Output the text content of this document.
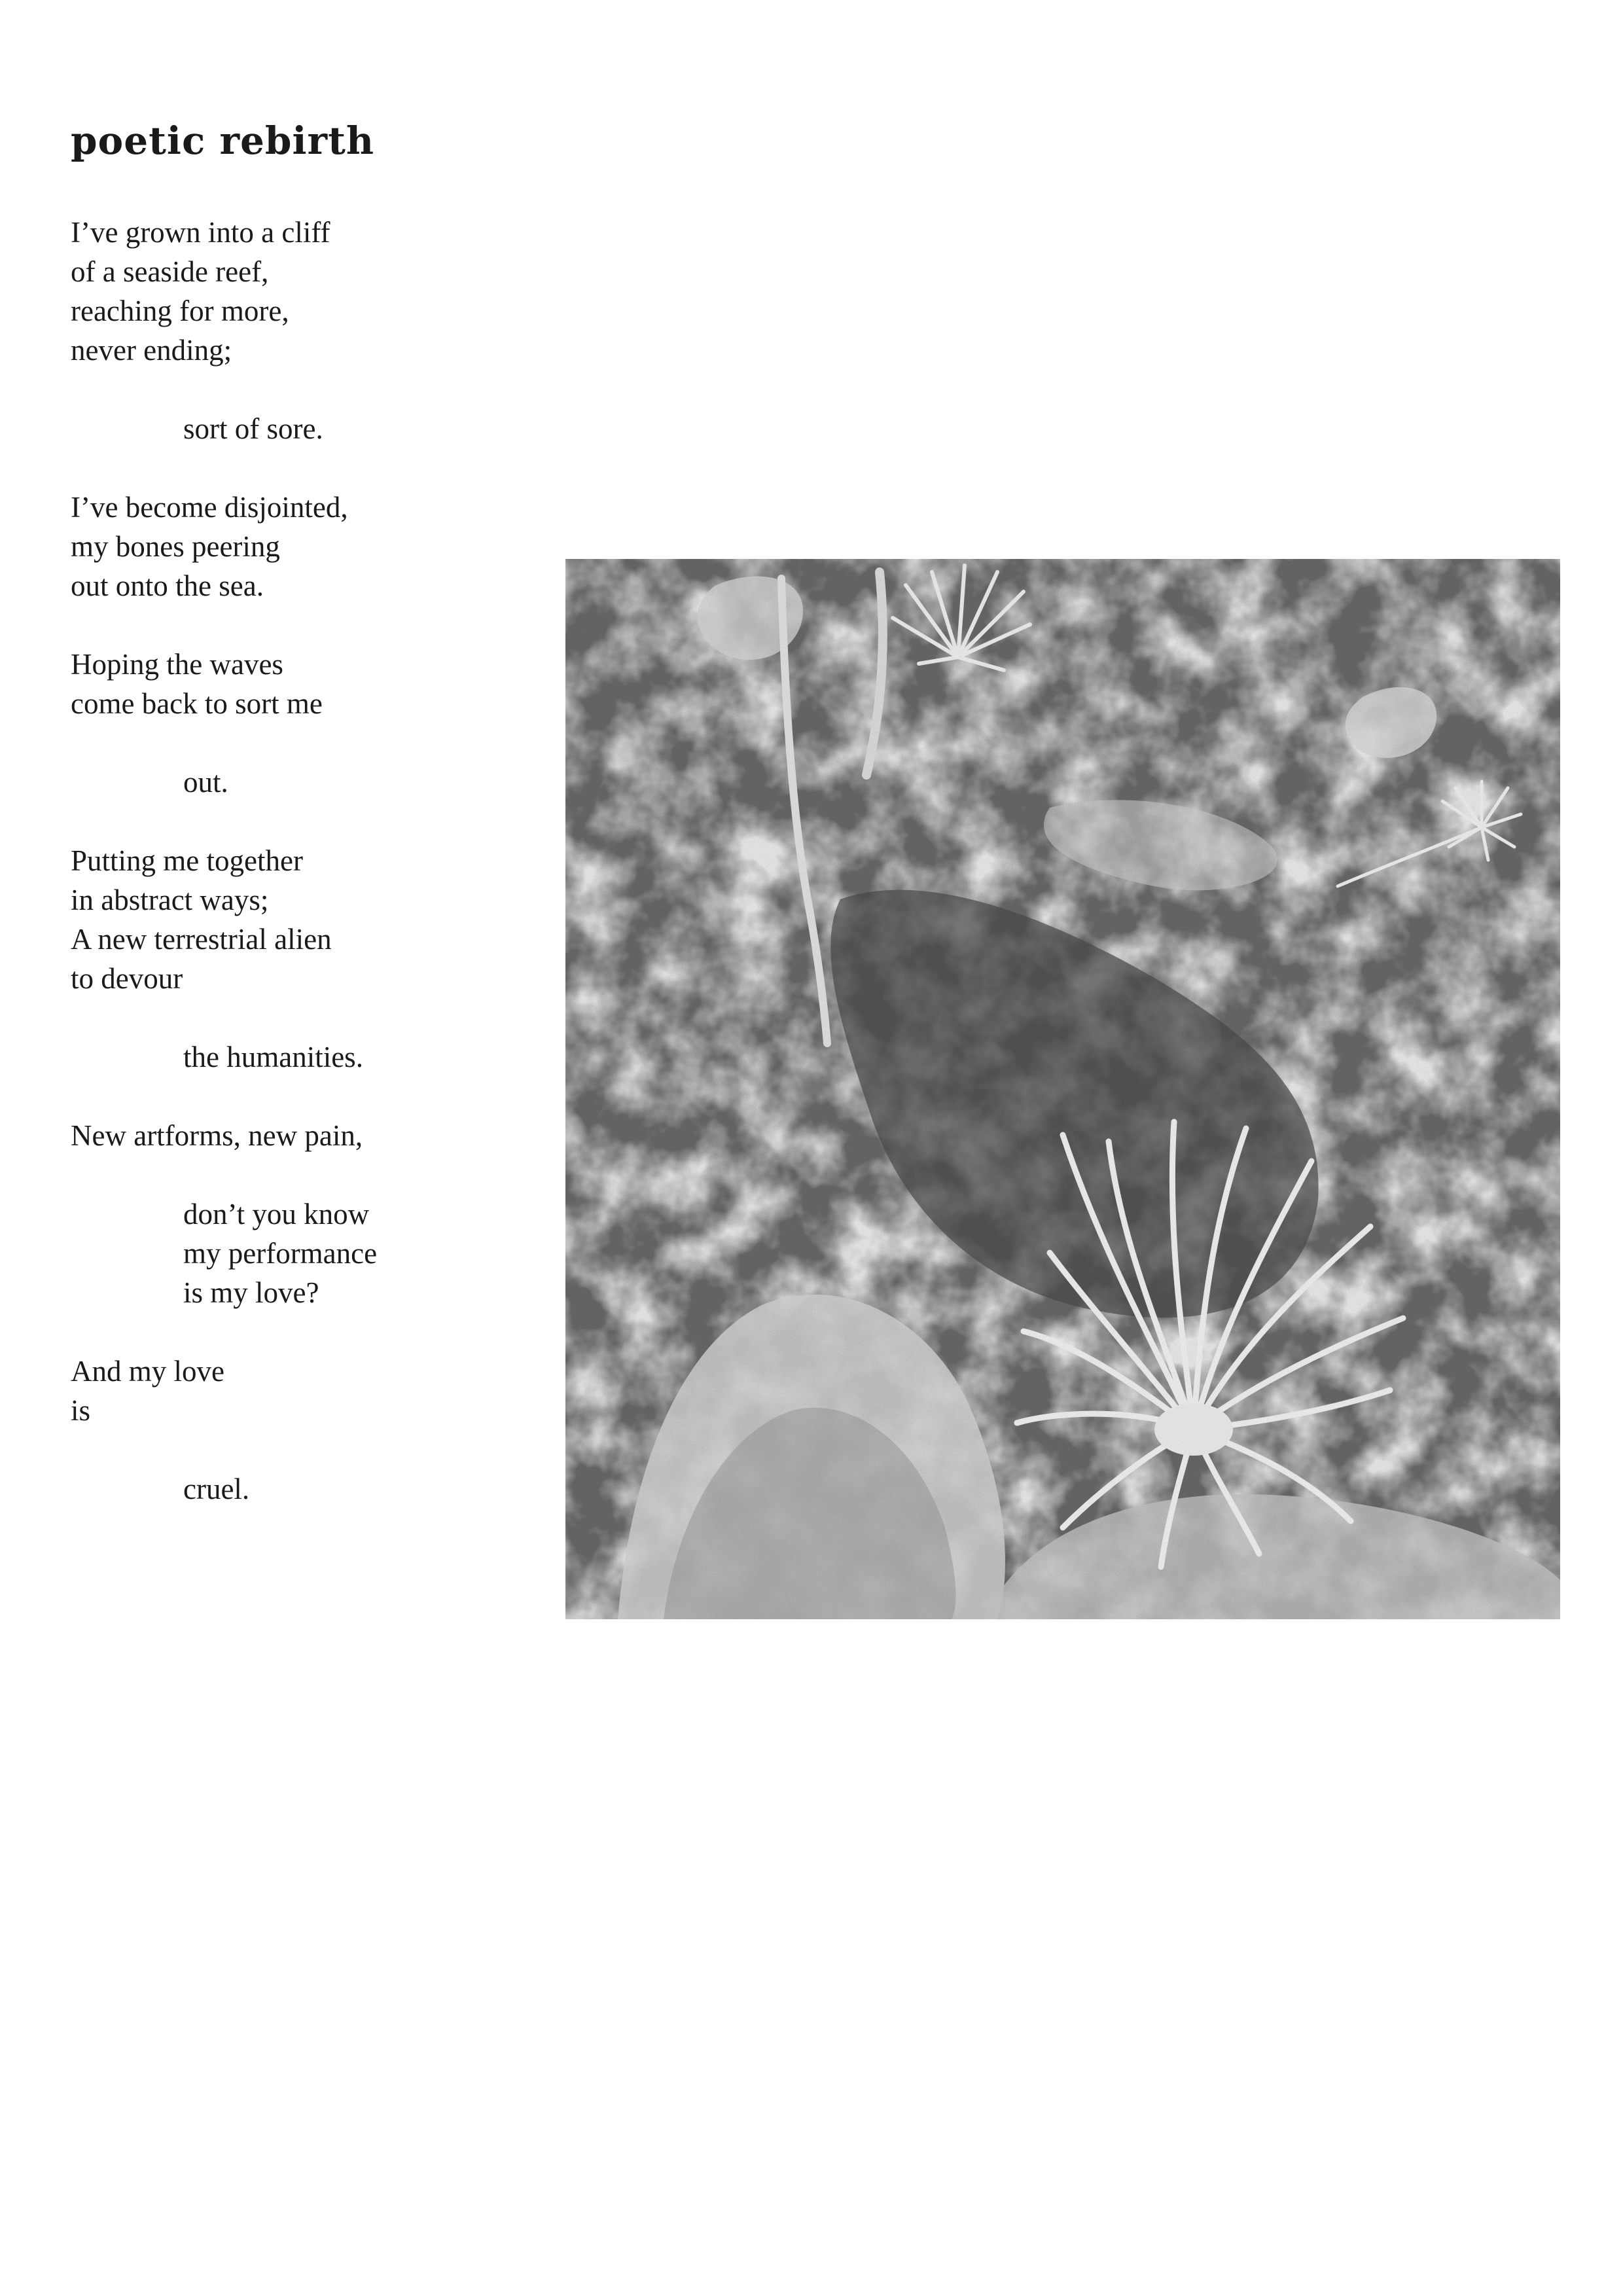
poetic rebirth
I’ve grown into a cliff
of a seaside reef,
reaching for more,
never ending;
sort of sore.
I’ve become disjointed,
my bones peering
out onto the sea.
Hoping the waves
come back to sort me
out.
Putting me together
in abstract ways;
A new terrestrial alien
to devour
the humanities.
New artforms, new pain,
don’t you know
my performance
is my love?
And my love
is
cruel.
